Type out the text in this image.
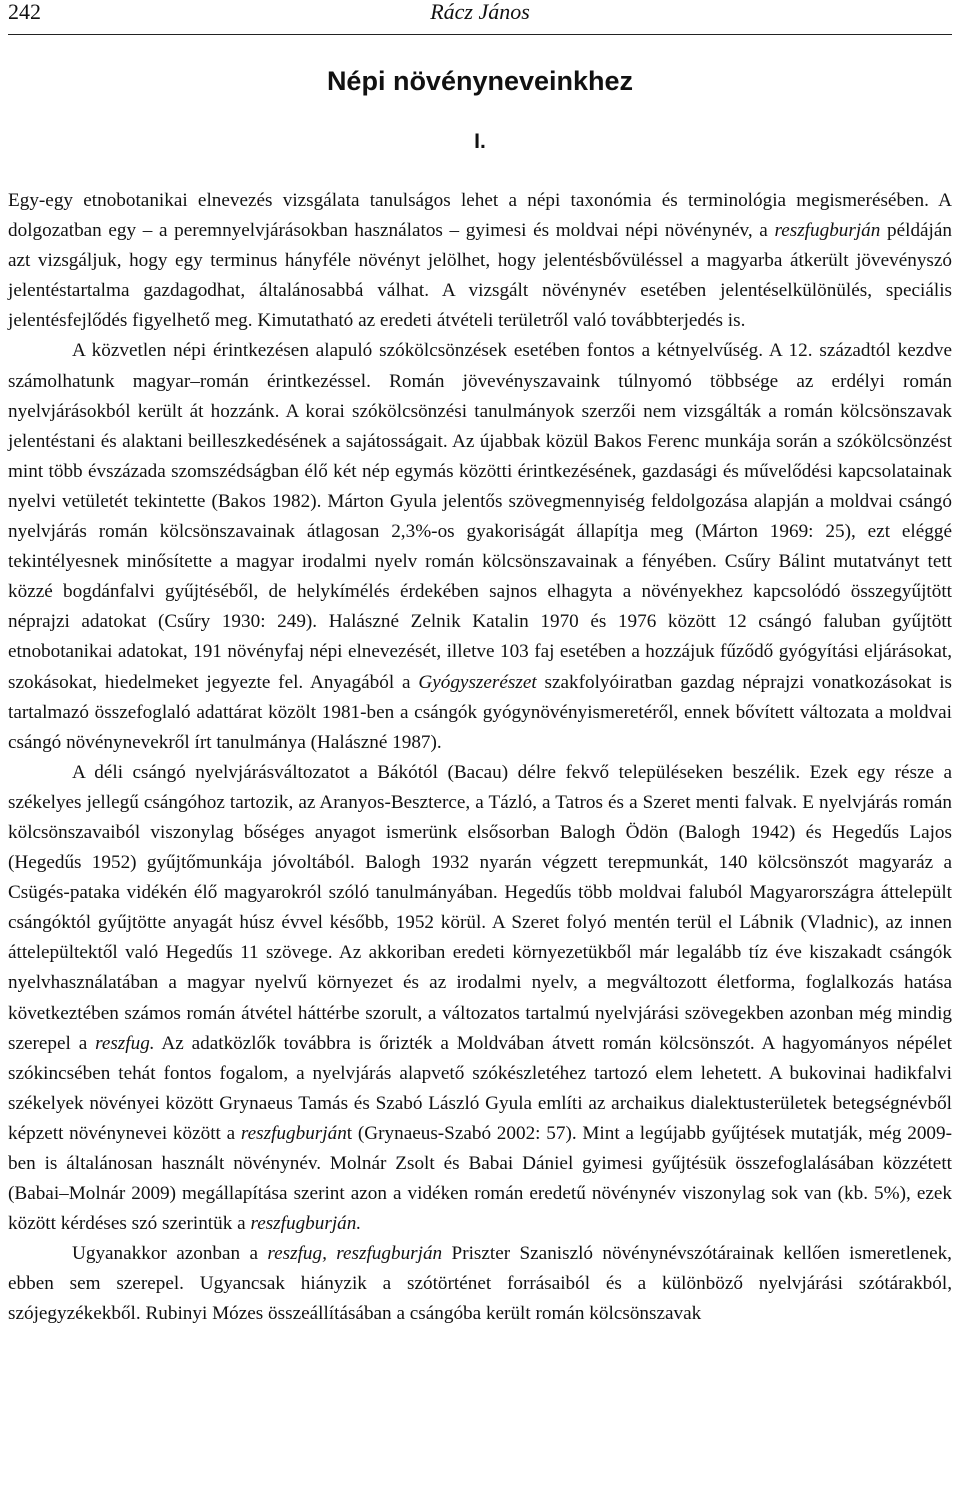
242	Rácz János
Népi növényneveinkhez
I.

Egy-egy etnobotanikai elnevezés vizsgálata tanulságos lehet a népi taxonómia és terminológia megismerésében. A dolgozatban egy – a peremnyelvjárásokban használatos – gyimesi és moldvai népi növénynév, a reszfugburján példáján azt vizsgáljuk, hogy egy terminus hányféle növényt jelölhet, hogy jelentésbővüléssel a magyarba átkerült jövevényszó jelentéstartalma gazdagodhat, általánosabbá válhat. A vizsgált növénynév esetében jelentéselkülönülés, speciális jelentésfejlődés figyelhető meg. Kimutatható az eredeti átvételi területről való továbbterjedés is.

A közvetlen népi érintkezésen alapuló szókölcsönzések esetében fontos a kétnyelvűség. A 12. századtól kezdve számolhatunk magyar–román érintkezéssel. Román jövevényszavaink túlnyomó többsége az erdélyi román nyelvjárásokból került át hozzánk. A korai szókölcsönzési tanulmányok szerzői nem vizsgálták a román kölcsönszavak jelentéstani és alaktani beilleszkedésének a sajátosságait. Az újabbak közül Bakos Ferenc munkája során a szókölcsönzést mint több évszázada szomszédságban élő két nép egymás közötti érintkezésének, gazdasági és művelődési kapcsolatainak nyelvi vetületét tekintette (Bakos 1982). Márton Gyula jelentős szövegmennyiség feldolgozása alapján a moldvai csángó nyelvjárás román kölcsönszavainak átlagosan 2,3%-os gyakoriságát állapítja meg (Márton 1969: 25), ezt eléggé tekintélyesnek minősítette a magyar irodalmi nyelv román kölcsönszavainak a fényében. Csűry Bálint mutatványt tett közzé bogdánfalvi gyűjtéséből, de helykímélés érdekében sajnos elhagyta a növényekhez kapcsolódó összegyűjtött néprajzi adatokat (Csűry 1930: 249). Halászné Zelnik Katalin 1970 és 1976 között 12 csángó faluban gyűjtött etnobotanikai adatokat, 191 növényfaj népi elnevezését, illetve 103 faj esetében a hozzájuk fűződő gyógyítási eljárásokat, szokásokat, hiedelmeket jegyezte fel. Anyagából a Gyógyszerészet szakfolyóiratban gazdag néprajzi vonatkozásokat is tartalmazó összefoglaló adattárat közölt 1981-ben a csángók gyógynövényismeretéről, ennek bővített változata a moldvai csángó növénynevekről írt tanulmánya (Halászné 1987).

A déli csángó nyelvjárásváltozatot a Bákótól (Bacau) délre fekvő településeken beszélik. Ezek egy része a székelyes jellegű csángóhoz tartozik, az Aranyos-Beszterce, a Tázló, a Tatros és a Szeret menti falvak. E nyelvjárás román kölcsönszavaiból viszonylag bőséges anyagot ismerünk elsősorban Balogh Ödön (Balogh 1942) és Hegedűs Lajos (Hegedűs 1952) gyűjtőmunkája jóvoltából. Balogh 1932 nyarán végzett terepmunkát, 140 kölcsönszót magyaráz a Csügés-pataka vidékén élő magyarokról szóló tanulmányában. Hegedűs több moldvai faluból Magyarországra áttelepült csángóktól gyűjtötte anyagát húsz évvel később, 1952 körül. A Szeret folyó mentén terül el Lábnik (Vladnic), az innen áttelepültektől való Hegedűs 11 szövege. Az akkoriban eredeti környezetükből már legalább tíz éve kiszakadt csángók nyelvhasználatában a magyar nyelvű környezet és az irodalmi nyelv, a megváltozott életforma, foglalkozás hatása következtében számos román átvétel háttérbe szorult, a változatos tartalmú nyelvjárási szövegekben azonban még mindig szerepel a reszfug. Az adatközlők továbbra is őrizték a Moldvában átvett román kölcsönszót. A hagyományos népélet szókincsében tehát fontos fogalom, a nyelvjárás alapvető szókészletéhez tartozó elem lehetett. A bukovinai hadikfalvi székelyek növényei között Grynaeus Tamás és Szabó László Gyula említi az archaikus dialektusterületek betegségnévből képzett növénynevei között a reszfugburjánt (Grynaeus-Szabó 2002: 57). Mint a legújabb gyűjtések mutatják, még 2009-ben is általánosan használt növénynév. Molnár Zsolt és Babai Dániel gyimesi gyűjtésük összefoglalásában közzétett (Babai–Molnár 2009) megállapítása szerint azon a vidéken román eredetű növénynév viszonylag sok van (kb. 5%), ezek között kérdéses szó szerintük a reszfugburján.

Ugyanakkor azonban a reszfug, reszfugburján Priszter Szaniszló növénynévszótárainak kellően ismeretlenek, ebben sem szerepel. Ugyancsak hiányzik a szótörténet forrásaiból és a különböző nyelvjárási szótárakból, szójegyzékekből. Rubinyi Mózes összeállításában a csángóba került román kölcsönszavak
